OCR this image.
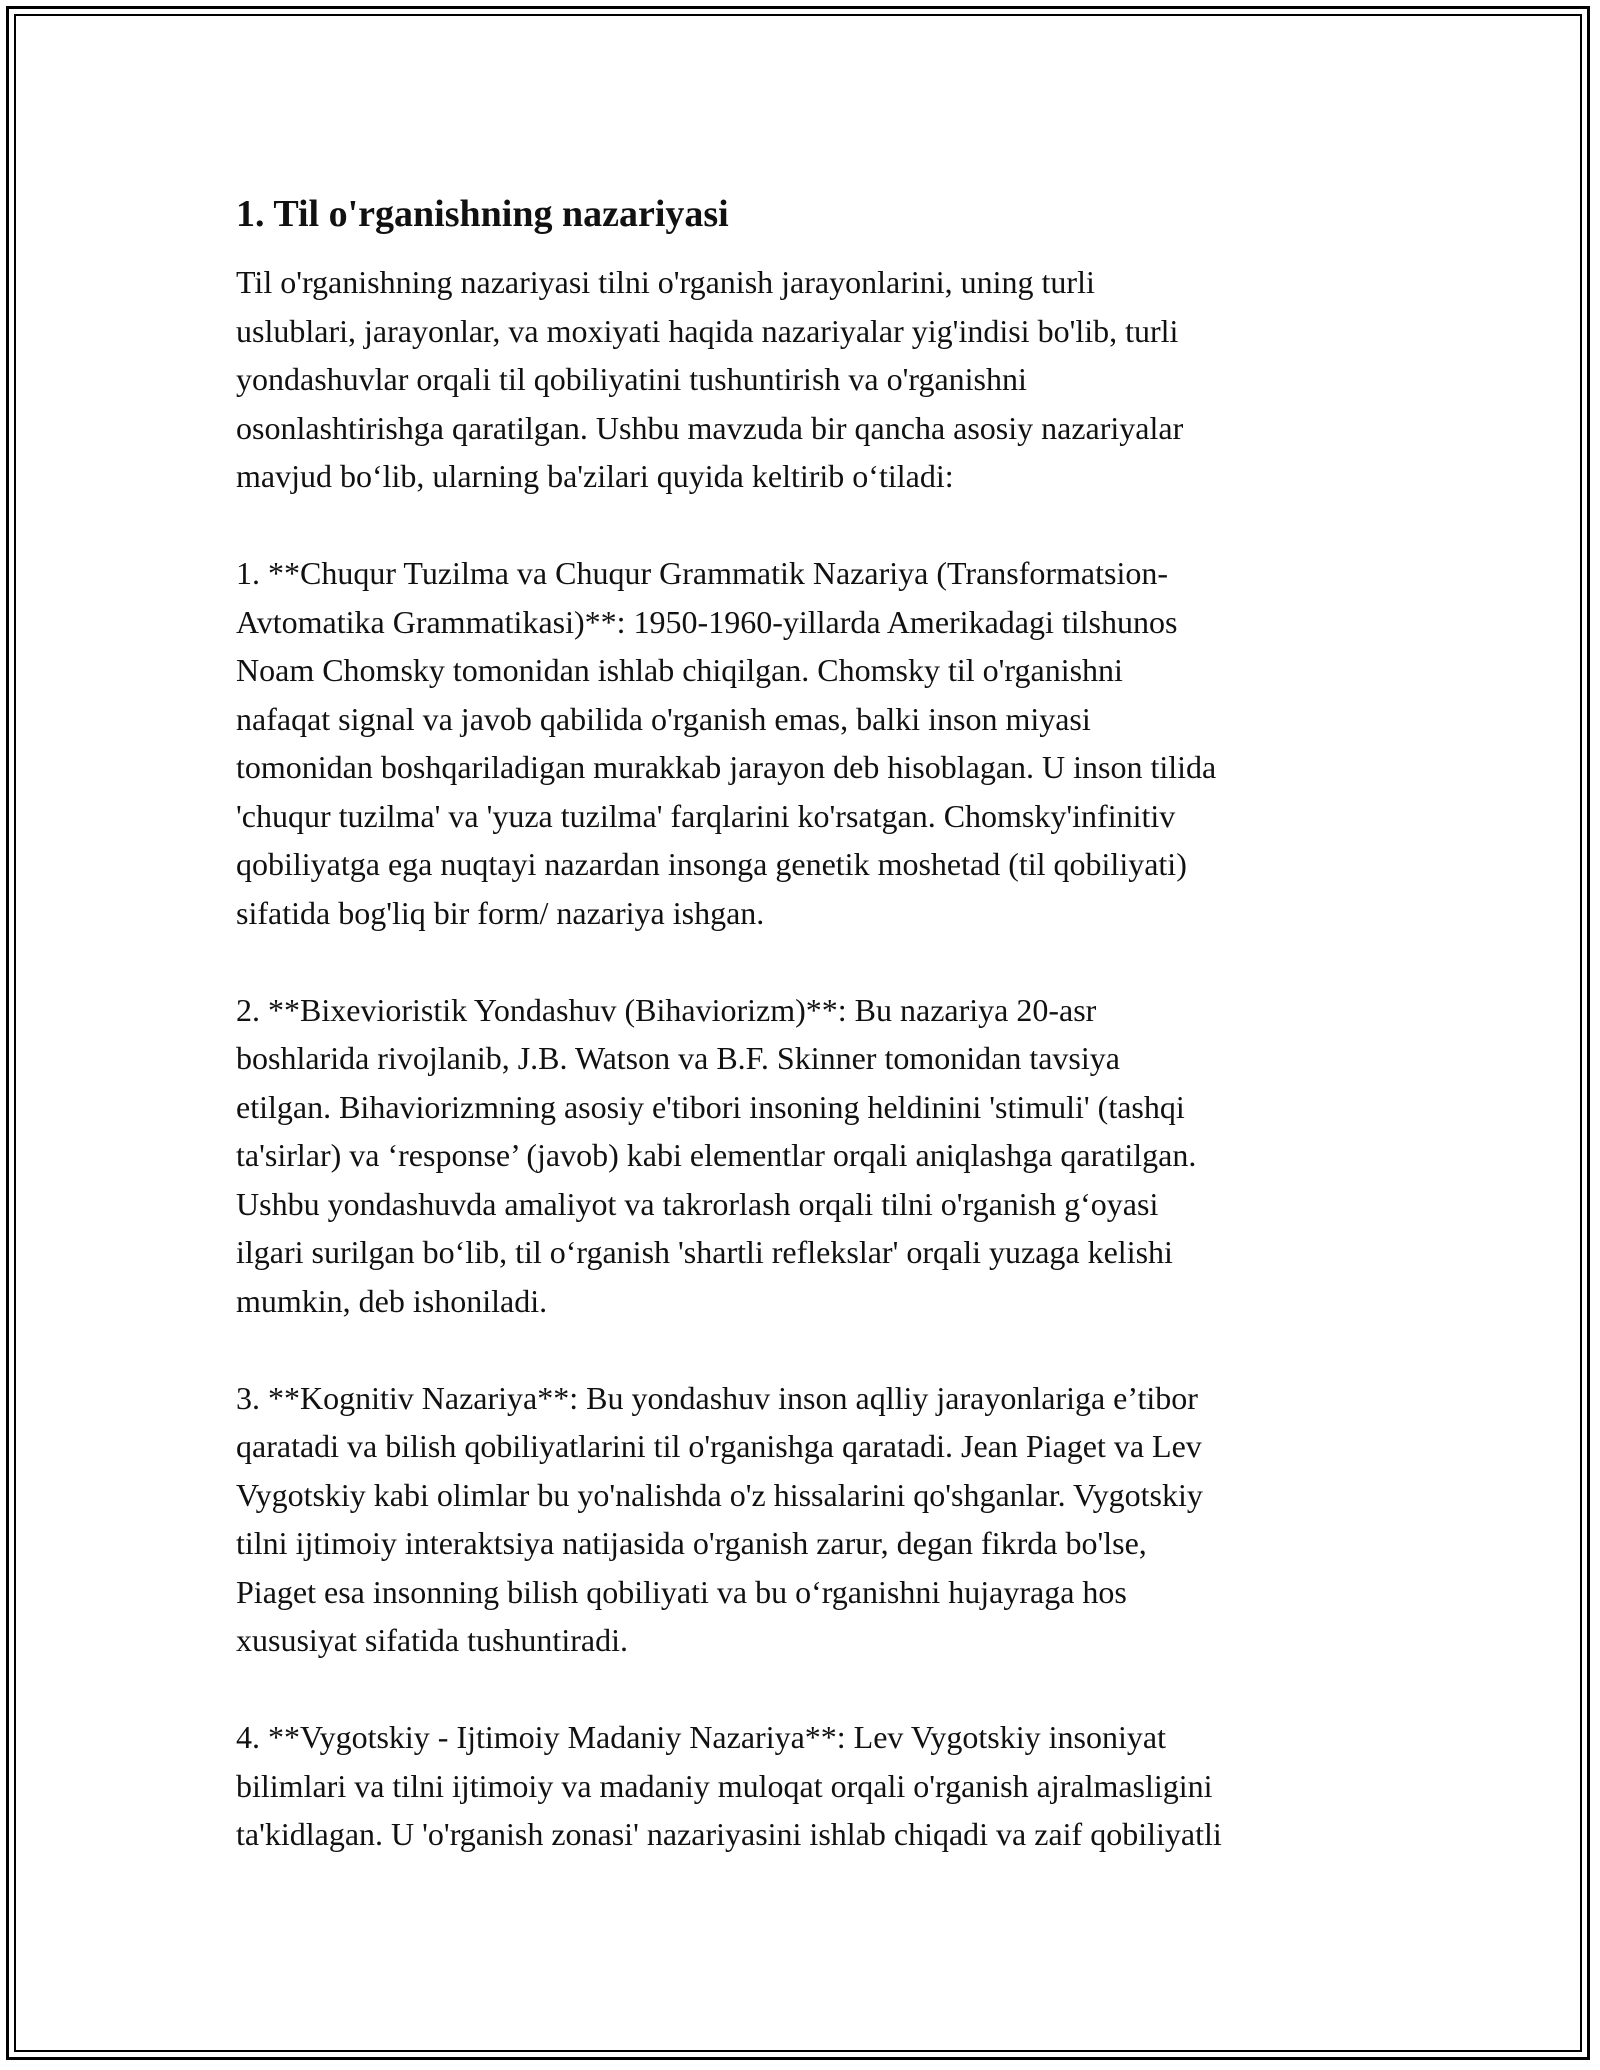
1. Til o'rganishning nazariyasi

Til o'rganishning nazariyasi tilni o'rganish jarayonlarini, uning turli
uslublari, jarayonlar, va moxiyati haqida nazariyalar yig'indisi bo'lib, turli
yondashuvlar orqali til qobiliyatini tushuntirish va o'rganishni
osonlashtirishga qaratilgan. Ushbu mavzuda bir qancha asosiy nazariyalar
mavjud bo‘lib, ularning ba'zilari quyida keltirib o‘tiladi:

1. **Chuqur Tuzilma va Chuqur Grammatik Nazariya (Transformatsion-
Avtomatika Grammatikasi)**: 1950-1960-yillarda Amerikadagi tilshunos
Noam Chomsky tomonidan ishlab chiqilgan. Chomsky til o'rganishni
nafaqat signal va javob qabilida o'rganish emas, balki inson miyasi
tomonidan boshqariladigan murakkab jarayon deb hisoblagan. U inson tilida
'chuqur tuzilma' va 'yuza tuzilma' farqlarini ko'rsatgan. Chomsky'infinitiv
qobiliyatga ega nuqtayi nazardan insonga genetik moshetad (til qobiliyati)
sifatida bog'liq bir form/ nazariya ishgan.

2. **Bixevioristik Yondashuv (Bihaviorizm)**: Bu nazariya 20-asr
boshlarida rivojlanib, J.B. Watson va B.F. Skinner tomonidan tavsiya
etilgan. Bihaviorizmning asosiy e'tibori insoning heldinini 'stimuli' (tashqi
ta'sirlar) va ‘response’ (javob) kabi elementlar orqali aniqlashga qaratilgan.
Ushbu yondashuvda amaliyot va takrorlash orqali tilni o'rganish g‘oyasi
ilgari surilgan bo‘lib, til o‘rganish 'shartli reflekslar' orqali yuzaga kelishi
mumkin, deb ishoniladi.

3. **Kognitiv Nazariya**: Bu yondashuv inson aqlliy jarayonlariga e’tibor
qaratadi va bilish qobiliyatlarini til o'rganishga qaratadi. Jean Piaget va Lev
Vygotskiy kabi olimlar bu yo'nalishda o'z hissalarini qo'shganlar. Vygotskiy
tilni ijtimoiy interaktsiya natijasida o'rganish zarur, degan fikrda bo'lse,
Piaget esa insonning bilish qobiliyati va bu o‘rganishni hujayraga hos
xususiyat sifatida tushuntiradi.

4. **Vygotskiy - Ijtimoiy Madaniy Nazariya**: Lev Vygotskiy insoniyat
bilimlari va tilni ijtimoiy va madaniy muloqat orqali o'rganish ajralmasligini
ta'kidlagan. U 'o'rganish zonasi' nazariyasini ishlab chiqadi va zaif qobiliyatli
